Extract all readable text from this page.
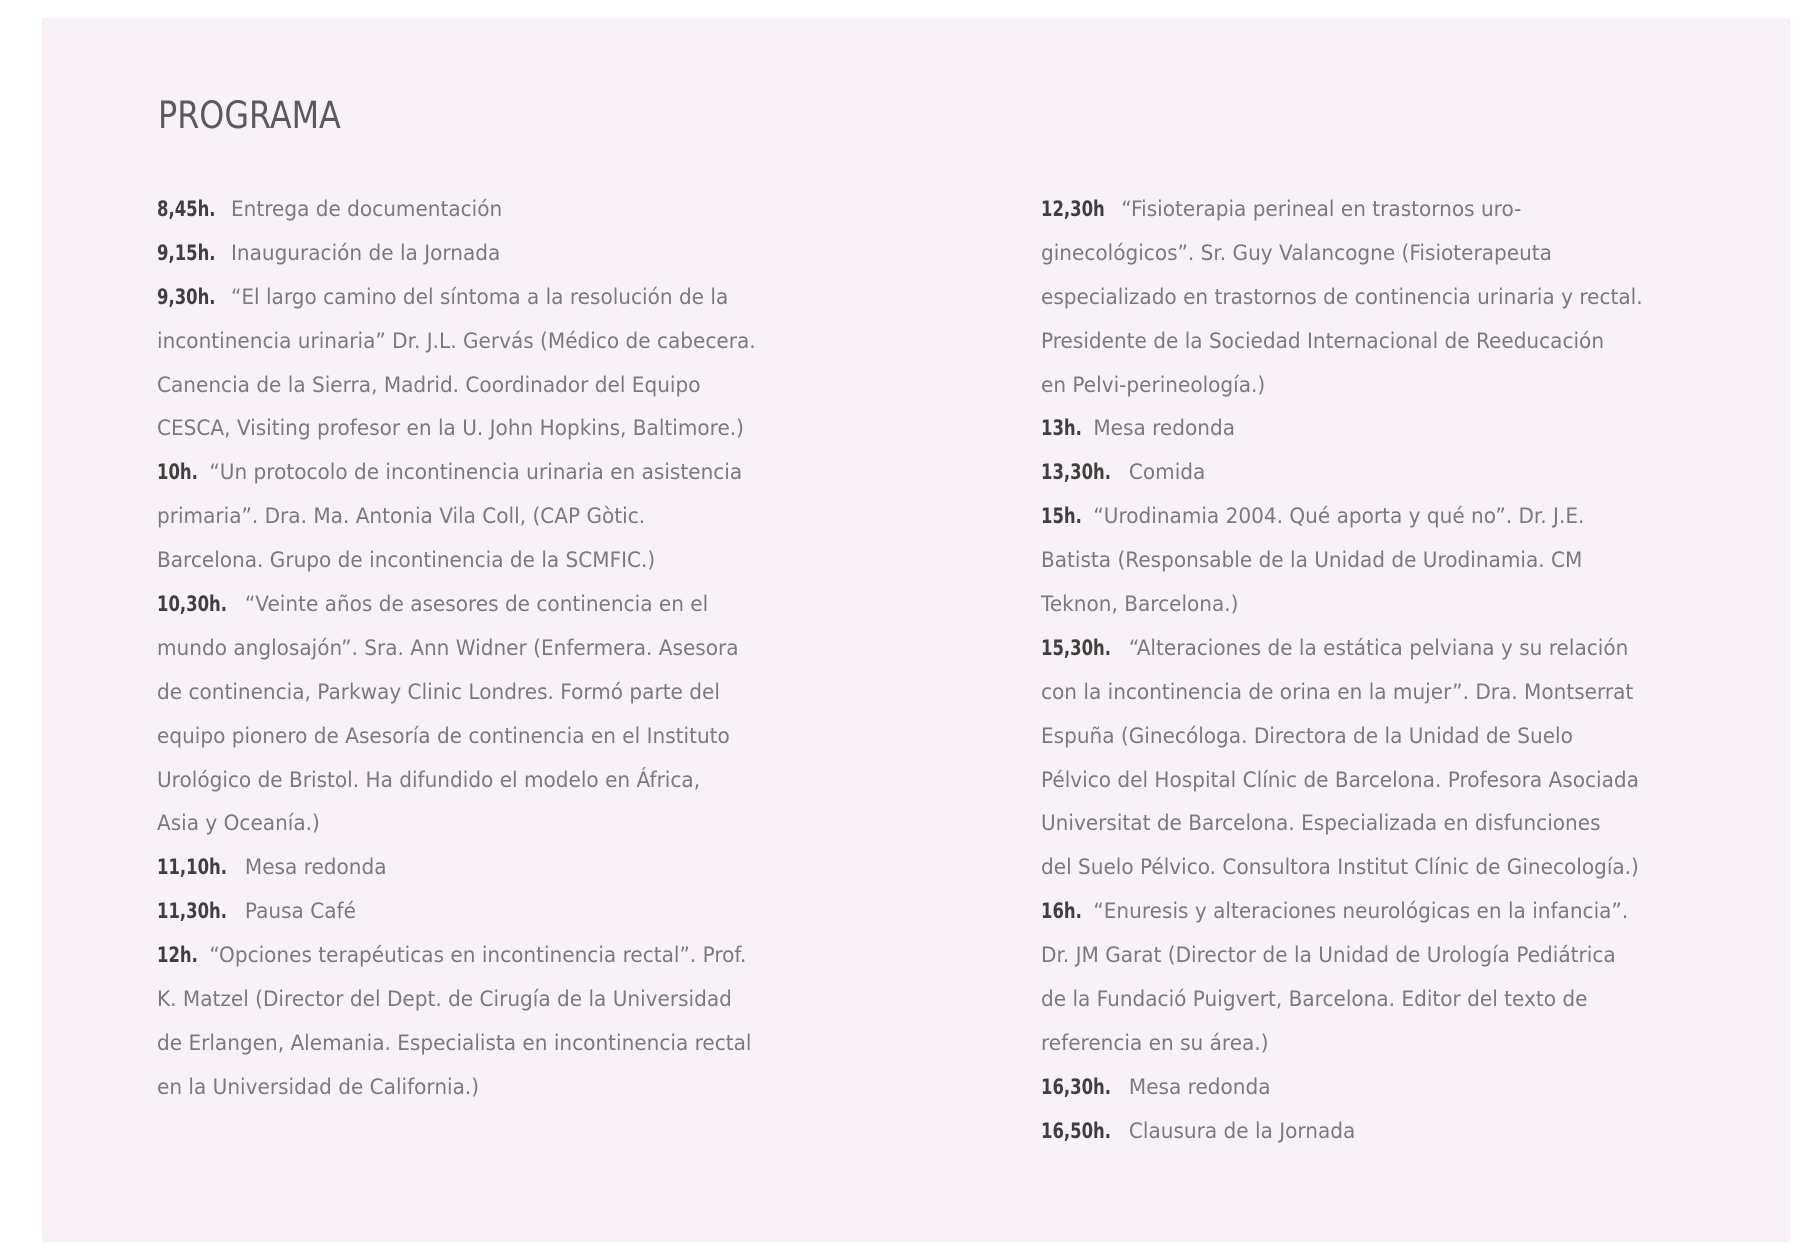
PROGRAMA
8,45h. Entrega de documentación
9,15h. Inauguración de la Jornada
9,30h. “El largo camino del síntoma a la resolución de la
incontinencia urinaria” Dr. J.L. Gervás (Médico de cabecera.
Canencia de la Sierra, Madrid. Coordinador del Equipo
CESCA, Visiting profesor en la U. John Hopkins, Baltimore.)
10h. “Un protocolo de incontinencia urinaria en asistencia
primaria”. Dra. Ma. Antonia Vila Coll, (CAP Gòtic.
Barcelona. Grupo de incontinencia de la SCMFIC.)
10,30h. “Veinte años de asesores de continencia en el
mundo anglosajón”. Sra. Ann Widner (Enfermera. Asesora
de continencia, Parkway Clinic Londres. Formó parte del
equipo pionero de Asesoría de continencia en el Instituto
Urológico de Bristol. Ha difundido el modelo en África,
Asia y Oceanía.)
11,10h. Mesa redonda
11,30h. Pausa Café
12h. “Opciones terapéuticas en incontinencia rectal”. Prof.
K. Matzel (Director del Dept. de Cirugía de la Universidad
de Erlangen, Alemania. Especialista en incontinencia rectal
en la Universidad de California.)
12,30h “Fisioterapia perineal en trastornos uro-
ginecológicos”. Sr. Guy Valancogne (Fisioterapeuta
especializado en trastornos de continencia urinaria y rectal.
Presidente de la Sociedad Internacional de Reeducación
en Pelvi-perineología.)
13h. Mesa redonda
13,30h. Comida
15h. “Urodinamia 2004. Qué aporta y qué no”. Dr. J.E.
Batista (Responsable de la Unidad de Urodinamia. CM
Teknon, Barcelona.)
15,30h. “Alteraciones de la estática pelviana y su relación
con la incontinencia de orina en la mujer”. Dra. Montserrat
Espuña (Ginecóloga. Directora de la Unidad de Suelo
Pélvico del Hospital Clínic de Barcelona. Profesora Asociada
Universitat de Barcelona. Especializada en disfunciones
del Suelo Pélvico. Consultora Institut Clínic de Ginecología.)
16h. “Enuresis y alteraciones neurológicas en la infancia”.
Dr. JM Garat (Director de la Unidad de Urología Pediátrica
de la Fundació Puigvert, Barcelona. Editor del texto de
referencia en su área.)
16,30h. Mesa redonda
16,50h. Clausura de la Jornada
